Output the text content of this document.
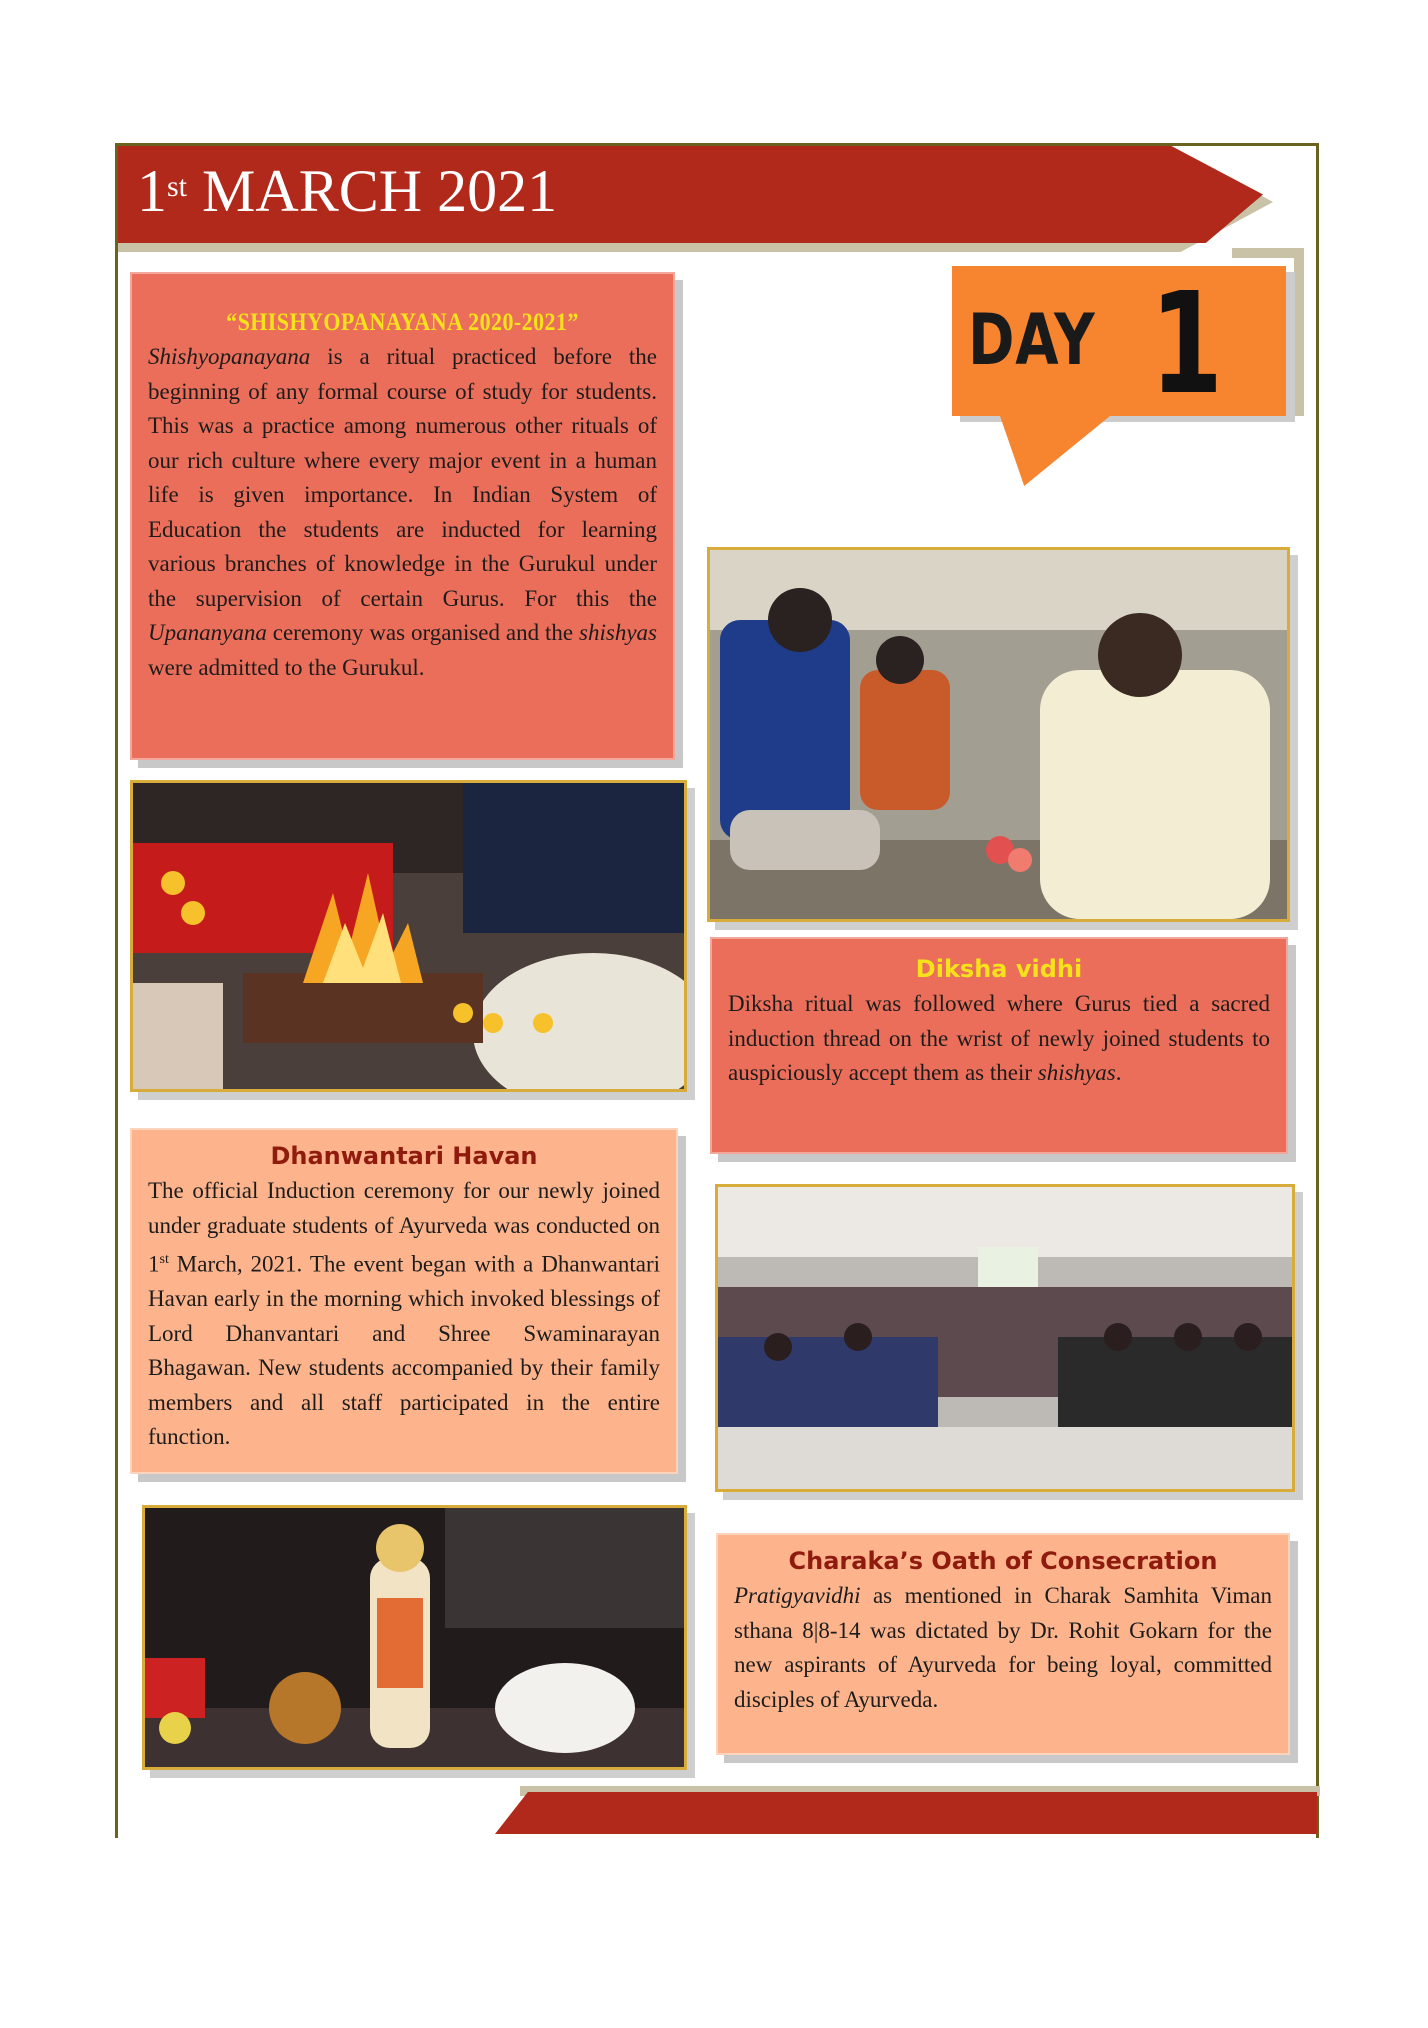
1st MARCH 2021
DAY 1
“SHISHYOPANAYANA 2020-2021”

Shishyopanayana is a ritual practiced before the beginning of any formal course of study for students. This was a practice among numerous other rituals of our rich culture where every major event in a human life is given importance. In Indian System of Education the students are inducted for learning various branches of knowledge in the Gurukul under the supervision of certain Gurus. For this the Upananyana ceremony was organised and the shishyas were admitted to the Gurukul.

Diksha vidhi

Diksha ritual was followed where Gurus tied a sacred induction thread on the wrist of newly joined students to auspiciously accept them as their shishyas.

Dhanwantari Havan

The official Induction ceremony for our newly joined under graduate students of Ayurveda was conducted on 1st March, 2021. The event began with a Dhanwantari Havan early in the morning which invoked blessings of Lord Dhanvantari and Shree Swaminarayan Bhagawan. New students accompanied by their family members and all staff participated in the entire function.

Charaka’s Oath of Consecration

Pratigyavidhi as mentioned in Charak Samhita Viman sthana 8|8-14 was dictated by Dr. Rohit Gokarn for the new aspirants of Ayurveda for being loyal, committed disciples of Ayurveda.
